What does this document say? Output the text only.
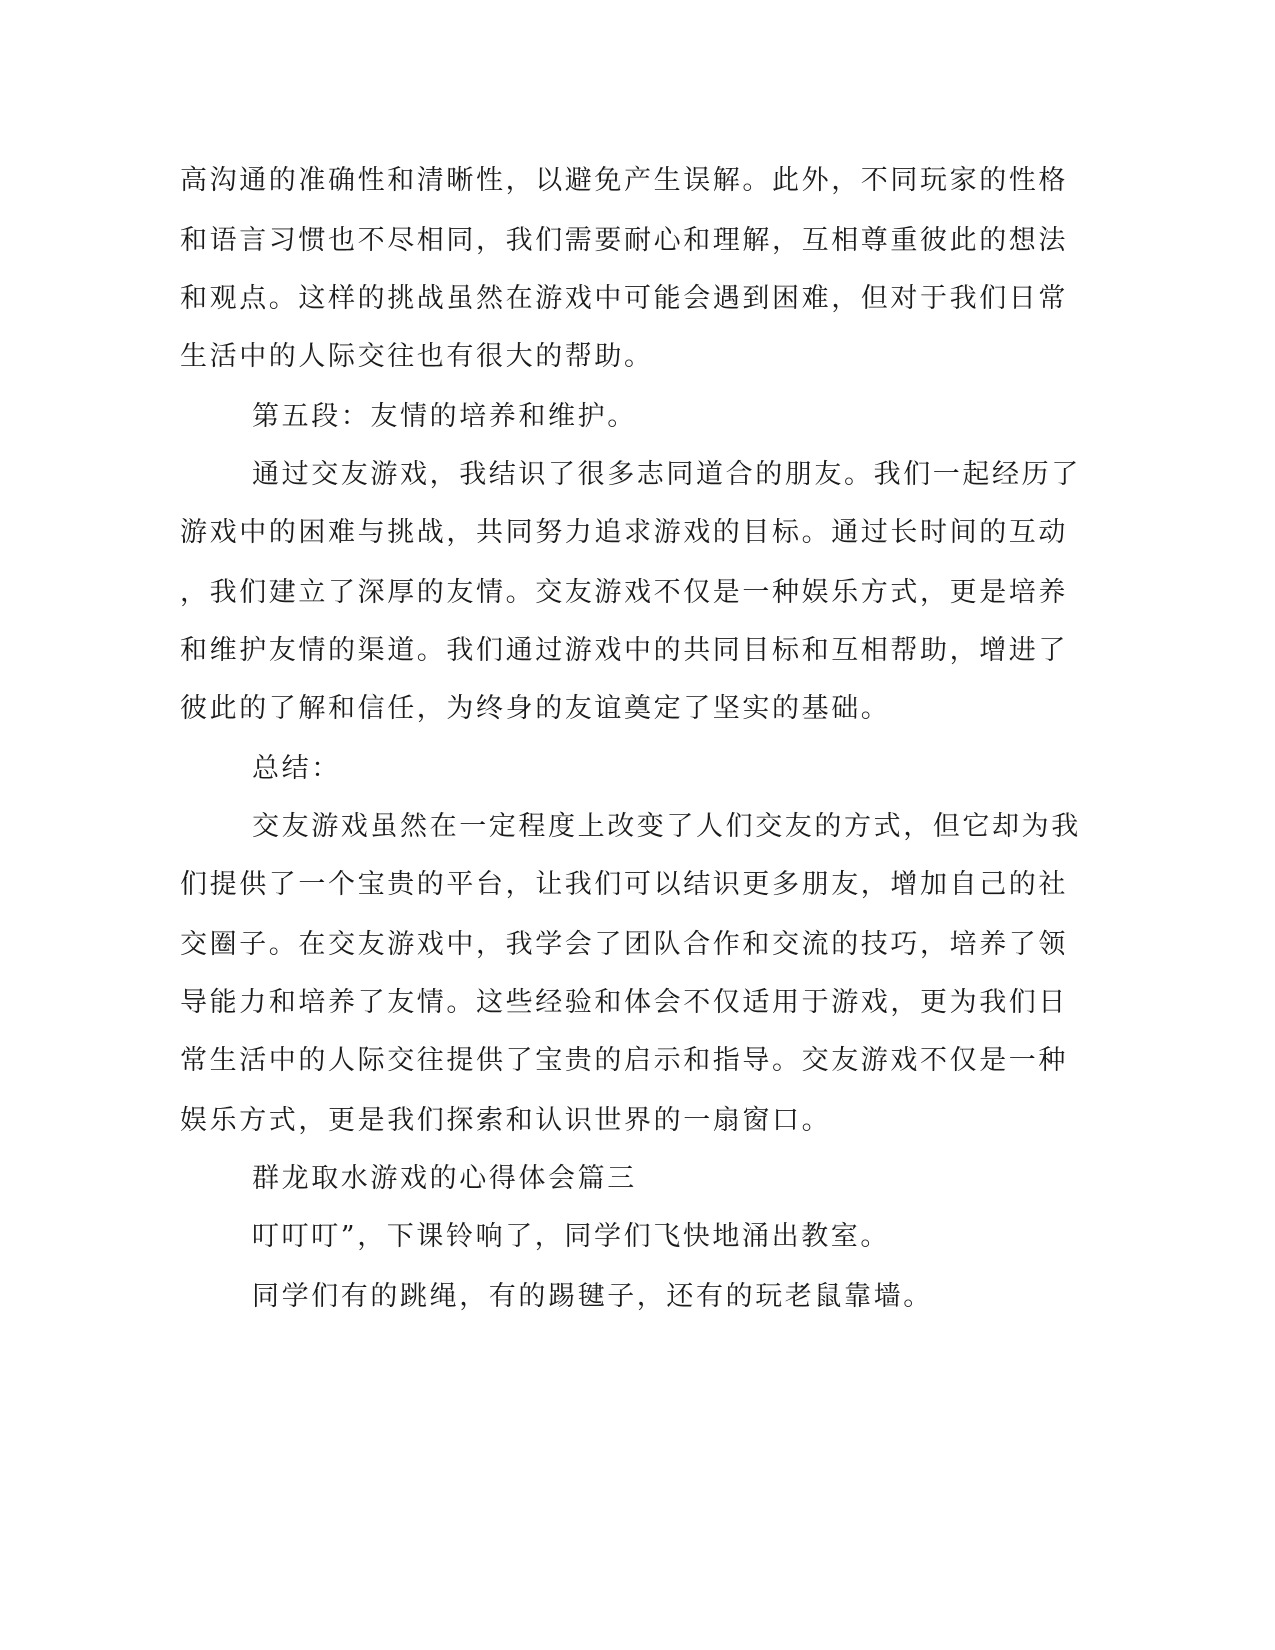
高沟通的准确性和清晰性，以避免产生误解。此外，不同玩家的性格
和语言习惯也不尽相同，我们需要耐心和理解，互相尊重彼此的想法
和观点。这样的挑战虽然在游戏中可能会遇到困难，但对于我们日常
生活中的人际交往也有很大的帮助。
第五段：友情的培养和维护。
通过交友游戏，我结识了很多志同道合的朋友。我们一起经历了
游戏中的困难与挑战，共同努力追求游戏的目标。通过长时间的互动
，我们建立了深厚的友情。交友游戏不仅是一种娱乐方式，更是培养
和维护友情的渠道。我们通过游戏中的共同目标和互相帮助，增进了
彼此的了解和信任，为终身的友谊奠定了坚实的基础。
总结：
交友游戏虽然在一定程度上改变了人们交友的方式，但它却为我
们提供了一个宝贵的平台，让我们可以结识更多朋友，增加自己的社
交圈子。在交友游戏中，我学会了团队合作和交流的技巧，培养了领
导能力和培养了友情。这些经验和体会不仅适用于游戏，更为我们日
常生活中的人际交往提供了宝贵的启示和指导。交友游戏不仅是一种
娱乐方式，更是我们探索和认识世界的一扇窗口。
群龙取水游戏的心得体会篇三
叮叮叮”，下课铃响了，同学们飞快地涌出教室。
同学们有的跳绳，有的踢毽子，还有的玩老鼠靠墙。
